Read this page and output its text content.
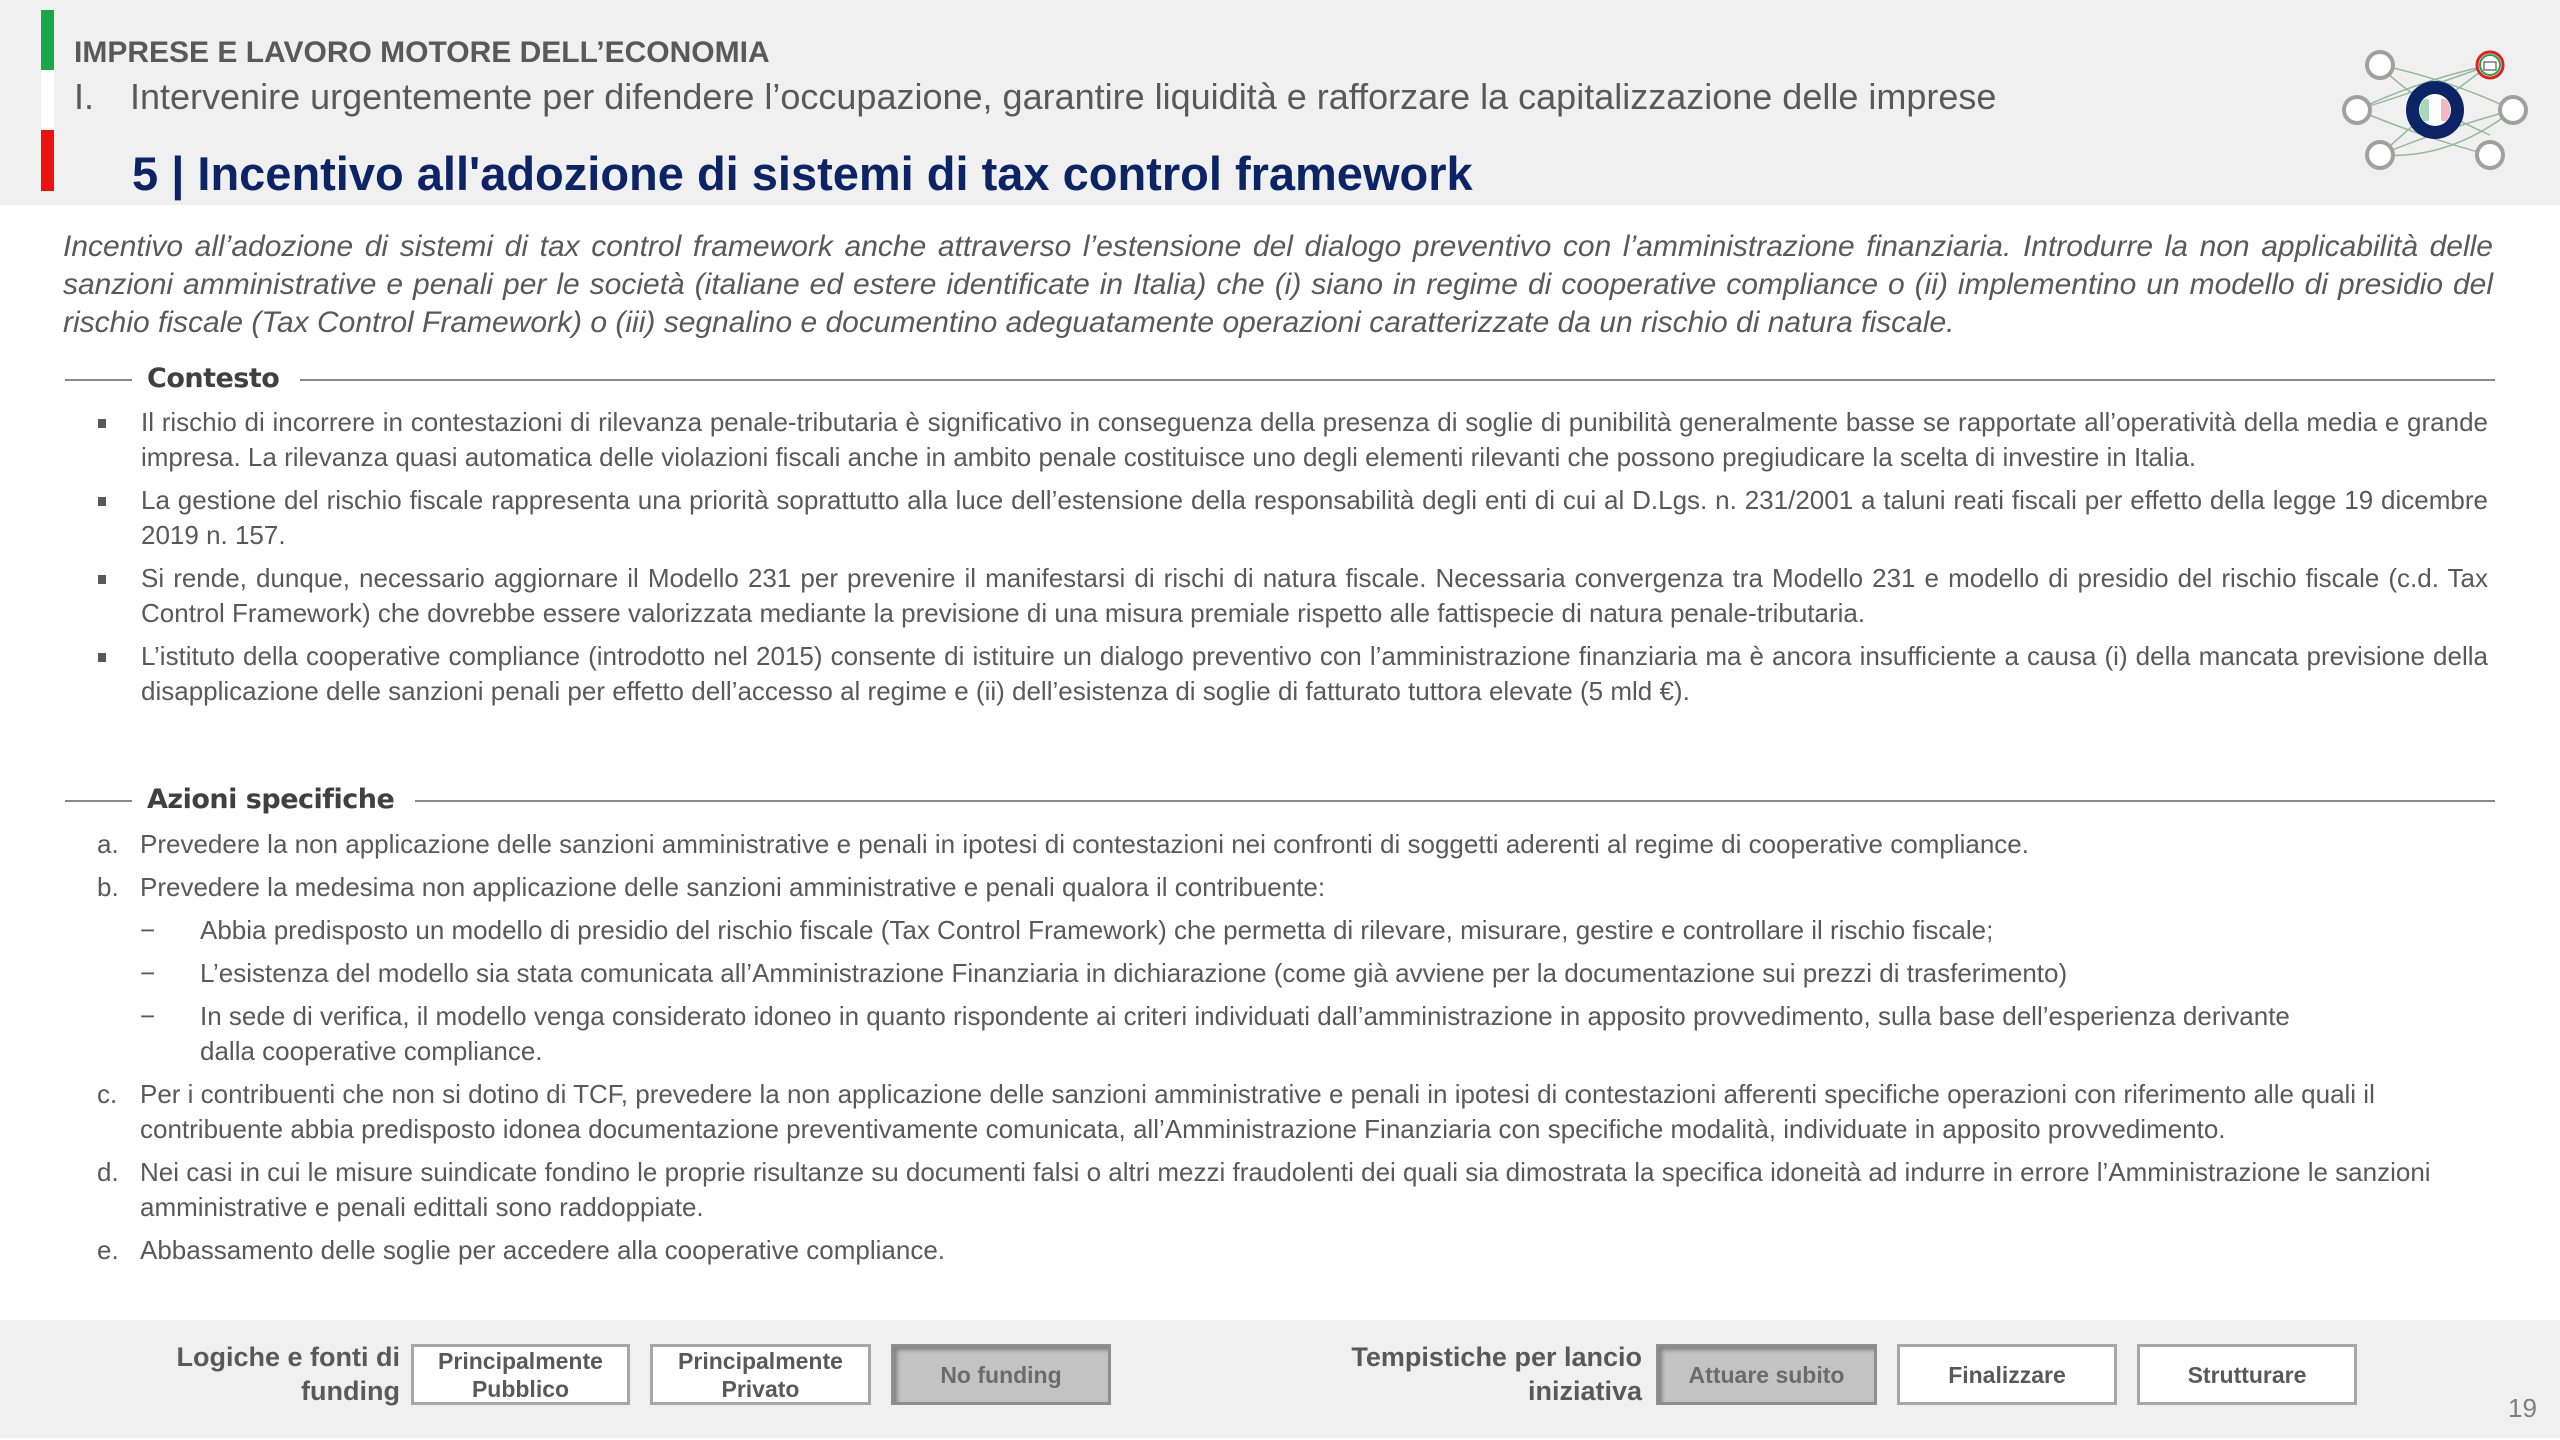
IMPRESE E LAVORO MOTORE DELL’ECONOMIA
I. Intervenire urgentemente per difendere l’occupazione, garantire liquidità e rafforzare la capitalizzazione delle imprese
5 | Incentivo all'adozione di sistemi di tax control framework
Incentivo all’adozione di sistemi di tax control framework anche attraverso l’estensione del dialogo preventivo con l’amministrazione finanziaria. Introdurre la non applicabilità delle sanzioni amministrative e penali per le società (italiane ed estere identificate in Italia) che (i) siano in regime di cooperative compliance o (ii) implementino un modello di presidio del rischio fiscale (Tax Control Framework) o (iii) segnalino e documentino adeguatamente operazioni caratterizzate da un rischio di natura fiscale.
Contesto
Il rischio di incorrere in contestazioni di rilevanza penale-tributaria è significativo in conseguenza della presenza di soglie di punibilità generalmente basse se rapportate all’operatività della media e grande impresa. La rilevanza quasi automatica delle violazioni fiscali anche in ambito penale costituisce uno degli elementi rilevanti che possono pregiudicare la scelta di investire in Italia.
La gestione del rischio fiscale rappresenta una priorità soprattutto alla luce dell’estensione della responsabilità degli enti di cui al D.Lgs. n. 231/2001 a taluni reati fiscali per effetto della legge 19 dicembre 2019 n. 157.
Si rende, dunque, necessario aggiornare il Modello 231 per prevenire il manifestarsi di rischi di natura fiscale. Necessaria convergenza tra Modello 231 e modello di presidio del rischio fiscale (c.d. Tax Control Framework) che dovrebbe essere valorizzata mediante la previsione di una misura premiale rispetto alle fattispecie di natura penale-tributaria.
L’istituto della cooperative compliance (introdotto nel 2015) consente di istituire un dialogo preventivo con l’amministrazione finanziaria ma è ancora insufficiente a causa (i) della mancata previsione della disapplicazione delle sanzioni penali per effetto dell’accesso al regime e (ii) dell’esistenza di soglie di fatturato tuttora elevate (5 mld €).
Azioni specifiche
a. Prevedere la non applicazione delle sanzioni amministrative e penali in ipotesi di contestazioni nei confronti di soggetti aderenti al regime di cooperative compliance.
b. Prevedere la medesima non applicazione delle sanzioni amministrative e penali qualora il contribuente:
− Abbia predisposto un modello di presidio del rischio fiscale (Tax Control Framework) che permetta di rilevare, misurare, gestire e controllare il rischio fiscale;
− L’esistenza del modello sia stata comunicata all’Amministrazione Finanziaria in dichiarazione (come già avviene per la documentazione sui prezzi di trasferimento)
− In sede di verifica, il modello venga considerato idoneo in quanto rispondente ai criteri individuati dall’amministrazione in apposito provvedimento, sulla base dell’esperienza derivante dalla cooperative compliance.
c. Per i contribuenti che non si dotino di TCF, prevedere la non applicazione delle sanzioni amministrative e penali in ipotesi di contestazioni afferenti specifiche operazioni con riferimento alle quali il contribuente abbia predisposto idonea documentazione preventivamente comunicata, all’Amministrazione Finanziaria con specifiche modalità, individuate in apposito provvedimento.
d. Nei casi in cui le misure suindicate fondino le proprie risultanze su documenti falsi o altri mezzi fraudolenti dei quali sia dimostrata la specifica idoneità ad indurre in errore l’Amministrazione le sanzioni amministrative e penali edittali sono raddoppiate.
e. Abbassamento delle soglie per accedere alla cooperative compliance.
Logiche e fonti di funding
Principalmente Pubblico
Principalmente Privato
No funding
Tempistiche per lancio iniziativa
Attuare subito	Finalizzare	Strutturare
19
